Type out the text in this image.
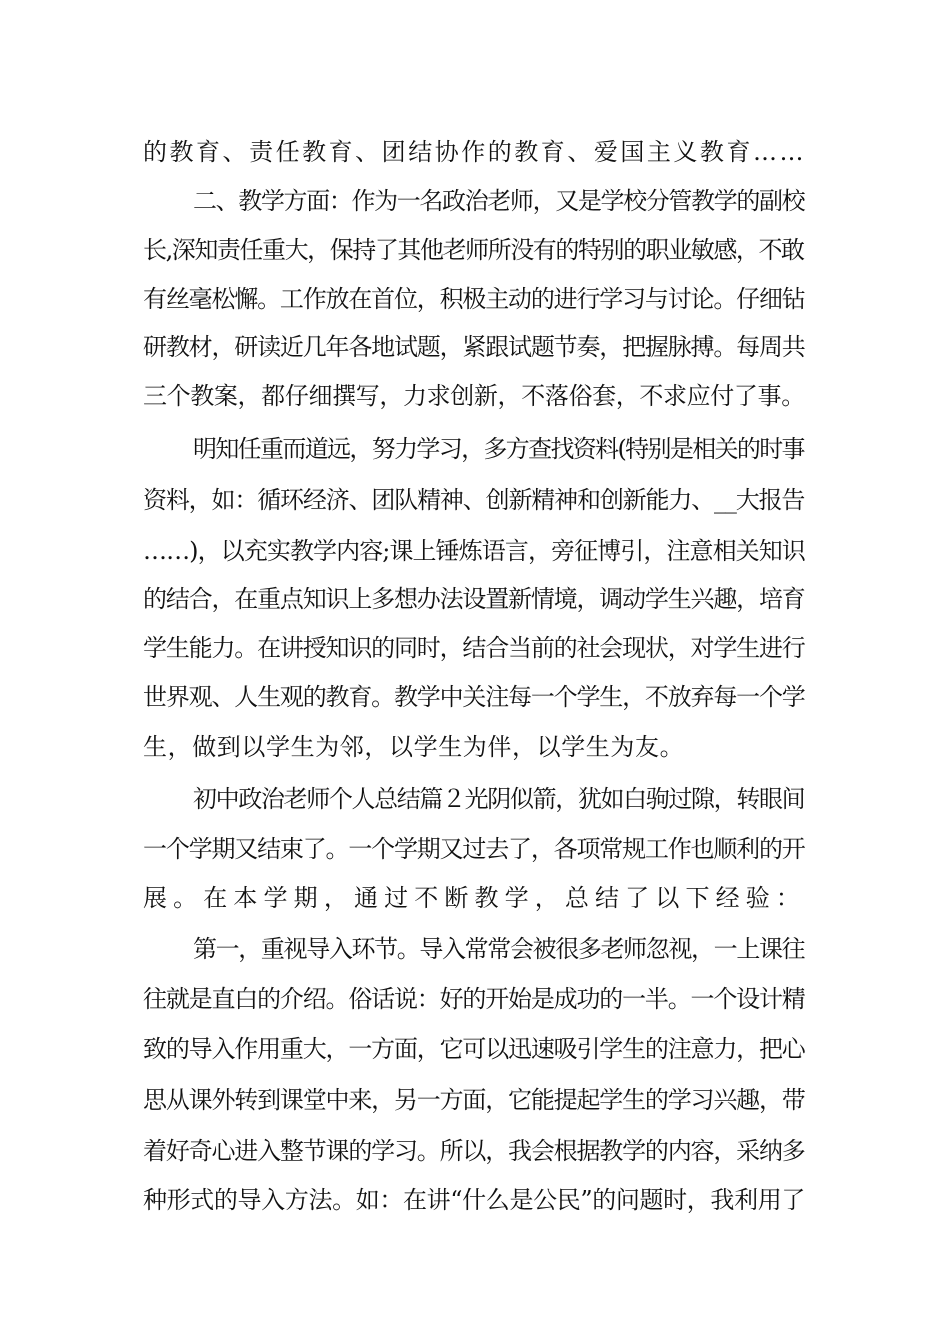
的教育、责任教育、团结协作的教育、爱国主义教育……
二、教学方面：作为一名政治老师，又是学校分管教学的副校
长,深知责任重大，保持了其他老师所没有的特别的职业敏感，不敢
有丝毫松懈。工作放在首位，积极主动的进行学习与讨论。仔细钻
研教材，研读近几年各地试题，紧跟试题节奏，把握脉搏。每周共
三个教案，都仔细撰写，力求创新，不落俗套，不求应付了事。
明知任重而道远，努力学习，多方查找资料(特别是相关的时事
资料，如：循环经济、团队精神、创新精神和创新能力、__大报告
……)，以充实教学内容;课上锤炼语言，旁征博引，注意相关知识
的结合，在重点知识上多想办法设置新情境，调动学生兴趣，培育
学生能力。在讲授知识的同时，结合当前的社会现状，对学生进行
世界观、人生观的教育。教学中关注每一个学生，不放弃每一个学
生，做到以学生为邻，以学生为伴，以学生为友。
初中政治老师个人总结篇２光阴似箭，犹如白驹过隙，转眼间
一个学期又结束了。一个学期又过去了，各项常规工作也顺利的开
展。在本学期，通过不断教学，总结了以下经验：
第一，重视导入环节。导入常常会被很多老师忽视，一上课往
往就是直白的介绍。俗话说：好的开始是成功的一半。一个设计精
致的导入作用重大，一方面，它可以迅速吸引学生的注意力，把心
思从课外转到课堂中来，另一方面，它能提起学生的学习兴趣，带
着好奇心进入整节课的学习。所以，我会根据教学的内容，采纳多
种形式的导入方法。如：在讲“什么是公民”的问题时，我利用了
